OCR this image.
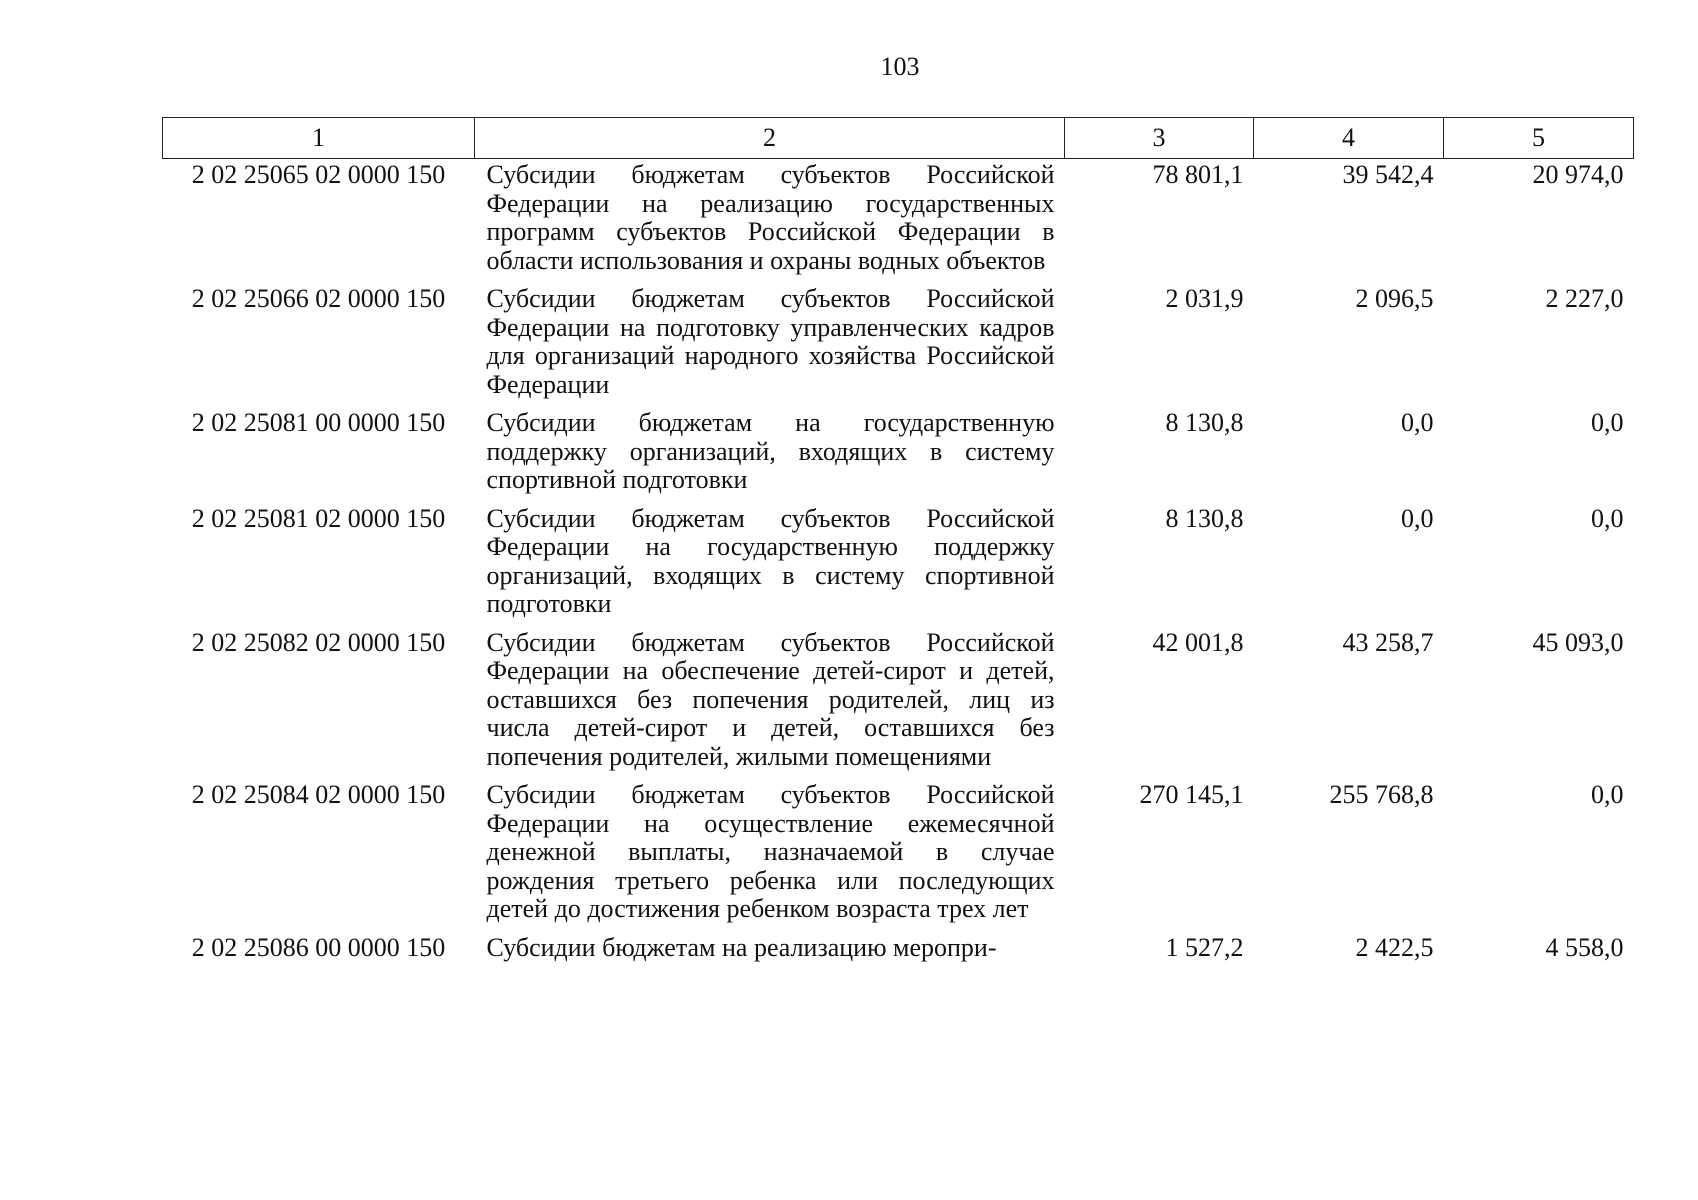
103
1	2	3	4	5
2 02 25065 02 0000 150	Субсидии бюджетам субъектов Российской Федерации на реализацию государственных программ субъектов Российской Федерации в области использования и охраны водных объектов	78 801,1	39 542,4	20 974,0
2 02 25066 02 0000 150	Субсидии бюджетам субъектов Российской Федерации на подготовку управленческих кадров для организаций народного хозяйства Российской Федерации	2 031,9	2 096,5	2 227,0
2 02 25081 00 0000 150	Субсидии бюджетам на государственную поддержку организаций, входящих в систему спортивной подготовки	8 130,8	0,0	0,0
2 02 25081 02 0000 150	Субсидии бюджетам субъектов Российской Федерации на государственную поддержку организаций, входящих в систему спортивной подготовки	8 130,8	0,0	0,0
2 02 25082 02 0000 150	Субсидии бюджетам субъектов Российской Федерации на обеспечение детей-сирот и детей, оставшихся без попечения родителей, лиц из числа детей-сирот и детей, оставшихся без попечения родителей, жилыми помещениями	42 001,8	43 258,7	45 093,0
2 02 25084 02 0000 150	Субсидии бюджетам субъектов Российской Федерации на осуществление ежемесячной денежной выплаты, назначаемой в случае рождения третьего ребенка или последующих детей до достижения ребенком возраста трех лет	270 145,1	255 768,8	0,0
2 02 25086 00 0000 150	Субсидии бюджетам на реализацию меропри-	1 527,2	2 422,5	4 558,0
